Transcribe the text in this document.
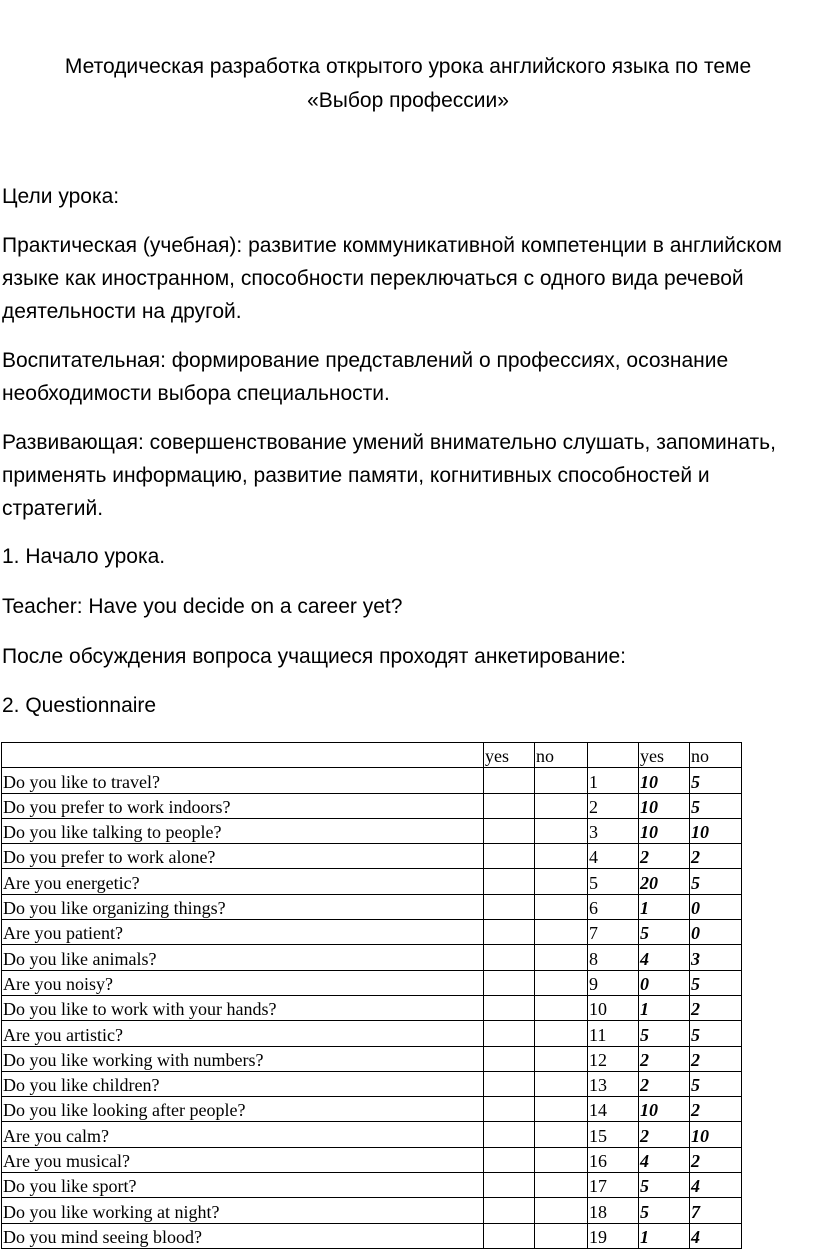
Методическая разработка открытого урока английского языка по теме
«Выбор профессии»
Цели урока:
Практическая (учебная): развитие коммуникативной компетенции в английском языке как иностранном, способности переключаться с одного вида речевой деятельности на другой.
Воспитательная: формирование представлений о профессиях, осознание необходимости выбора специальности.
Развивающая: совершенствование умений внимательно слушать, запоминать, применять информацию, развитие памяти, когнитивных способностей и стратегий.
1. Начало урока.
Teacher: Have you decide on a career yet?
После обсуждения вопроса учащиеся проходят анкетирование:
2. Questionnaire
	yes	no		yes	no
Do you like to travel?			1	10	5
Do you prefer to work indoors?			2	10	5
Do you like talking to people?			3	10	10
Do you prefer to work alone?			4	2	2
Are you energetic?			5	20	5
Do you like organizing things?			6	1	0
Are you patient?			7	5	0
Do you like animals?			8	4	3
Are you noisy?			9	0	5
Do you like to work with your hands?			10	1	2
Are you artistic?			11	5	5
Do you like working with numbers?			12	2	2
Do you like children?			13	2	5
Do you like looking after people?			14	10	2
Are you calm?			15	2	10
Are you musical?			16	4	2
Do you like sport?			17	5	4
Do you like working at night?			18	5	7
Do you mind seeing blood?			19	1	4
